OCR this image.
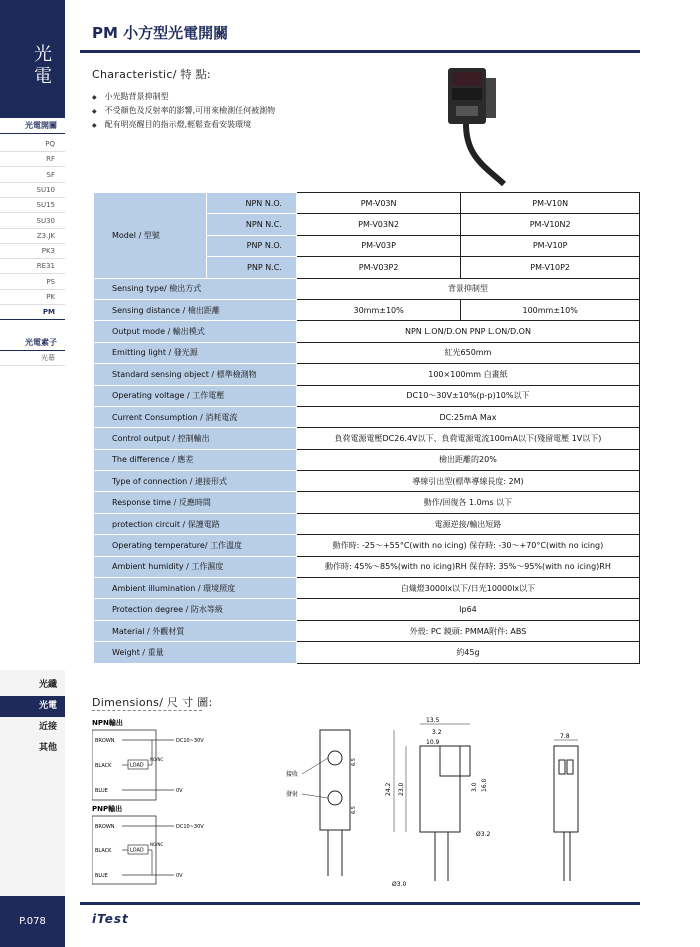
光電
光電開關
PQ
RF
SF
SU10
SU15
SU30
Z3.JK
PK3
RE31
PS
PK
PM
光電素子
光幕
光纖
光電
近接
其他
P.078
PM 小方型光電開關
Characteristic/ 特 點:
◆ 小光點背景抑制型
◆ 不受顏色及反射率的影響,可用來檢測任何被測物
◆ 配有明亮醒目的指示燈,輕鬆查看安裝環境
Model / 型號	NPN N.O.	PM-V03N	PM-V10N
	NPN N.C.	PM-V03N2	PM-V10N2
	PNP N.O.	PM-V03P	PM-V10P
	PNP N.C.	PM-V03P2	PM-V10P2
Sensing type/ 檢出方式		背景抑制型	
Sensing distance / 檢出距離		30mm±10%	100mm±10%
Output mode / 輸出模式		NPN L.ON/D.ON PNP L.ON/D.ON	
Emitting light / 發光源		紅光650mm	
Standard sensing object / 標準檢測物		100×100mm 白畫紙	
Operating voltage / 工作電壓		DC10～30V±10%(p-p)10%以下	
Current Consumption / 消耗電流		DC:25mA Max	
Control output / 控制輸出		負荷電源電壓DC26.4V以下、負荷電源電流100mA以下(殘留電壓 1V以下)	
The difference / 應差		檢出距離的20%	
Type of connection / 連接形式		導線引出型(標準導線長度: 2M)	
Response time / 反應時間		動作/回復各 1.0ms 以下	
protection circuit / 保護電路		電源逆接/輸出短路	
Operating temperature/ 工作溫度		動作時: -25～+55°C(with no icing) 保存時: -30～+70°C(with no icing)	
Ambient humidity / 工作濕度		動作時: 45%～85%(with no icing)RH 保存時: 35%～95%(with no icing)RH	
Ambient illumination / 環境照度		白熾燈3000lx以下/日光10000lx以下	
Protection degree / 防水等級		Ip64	
Material / 外觀材質		外殼: PC 鏡頭: PMMA附件: ABS	
Weight / 重量		約45g	
Dimensions/ 尺 寸 圖:
NPN輸出
BROWN
BLACK
BLUE
LOAD
NO/NC
DC10~30V
0V
PNP輸出
BROWN
BLACK
BLUE
LOAD
NO/NC
DC10~30V
0V
接收
發射
6.5
6.5
13.5
3.2
10.9
24.2 23.0	3.0 16.0
Ø3.2
Ø3.0
7.8
iTest
